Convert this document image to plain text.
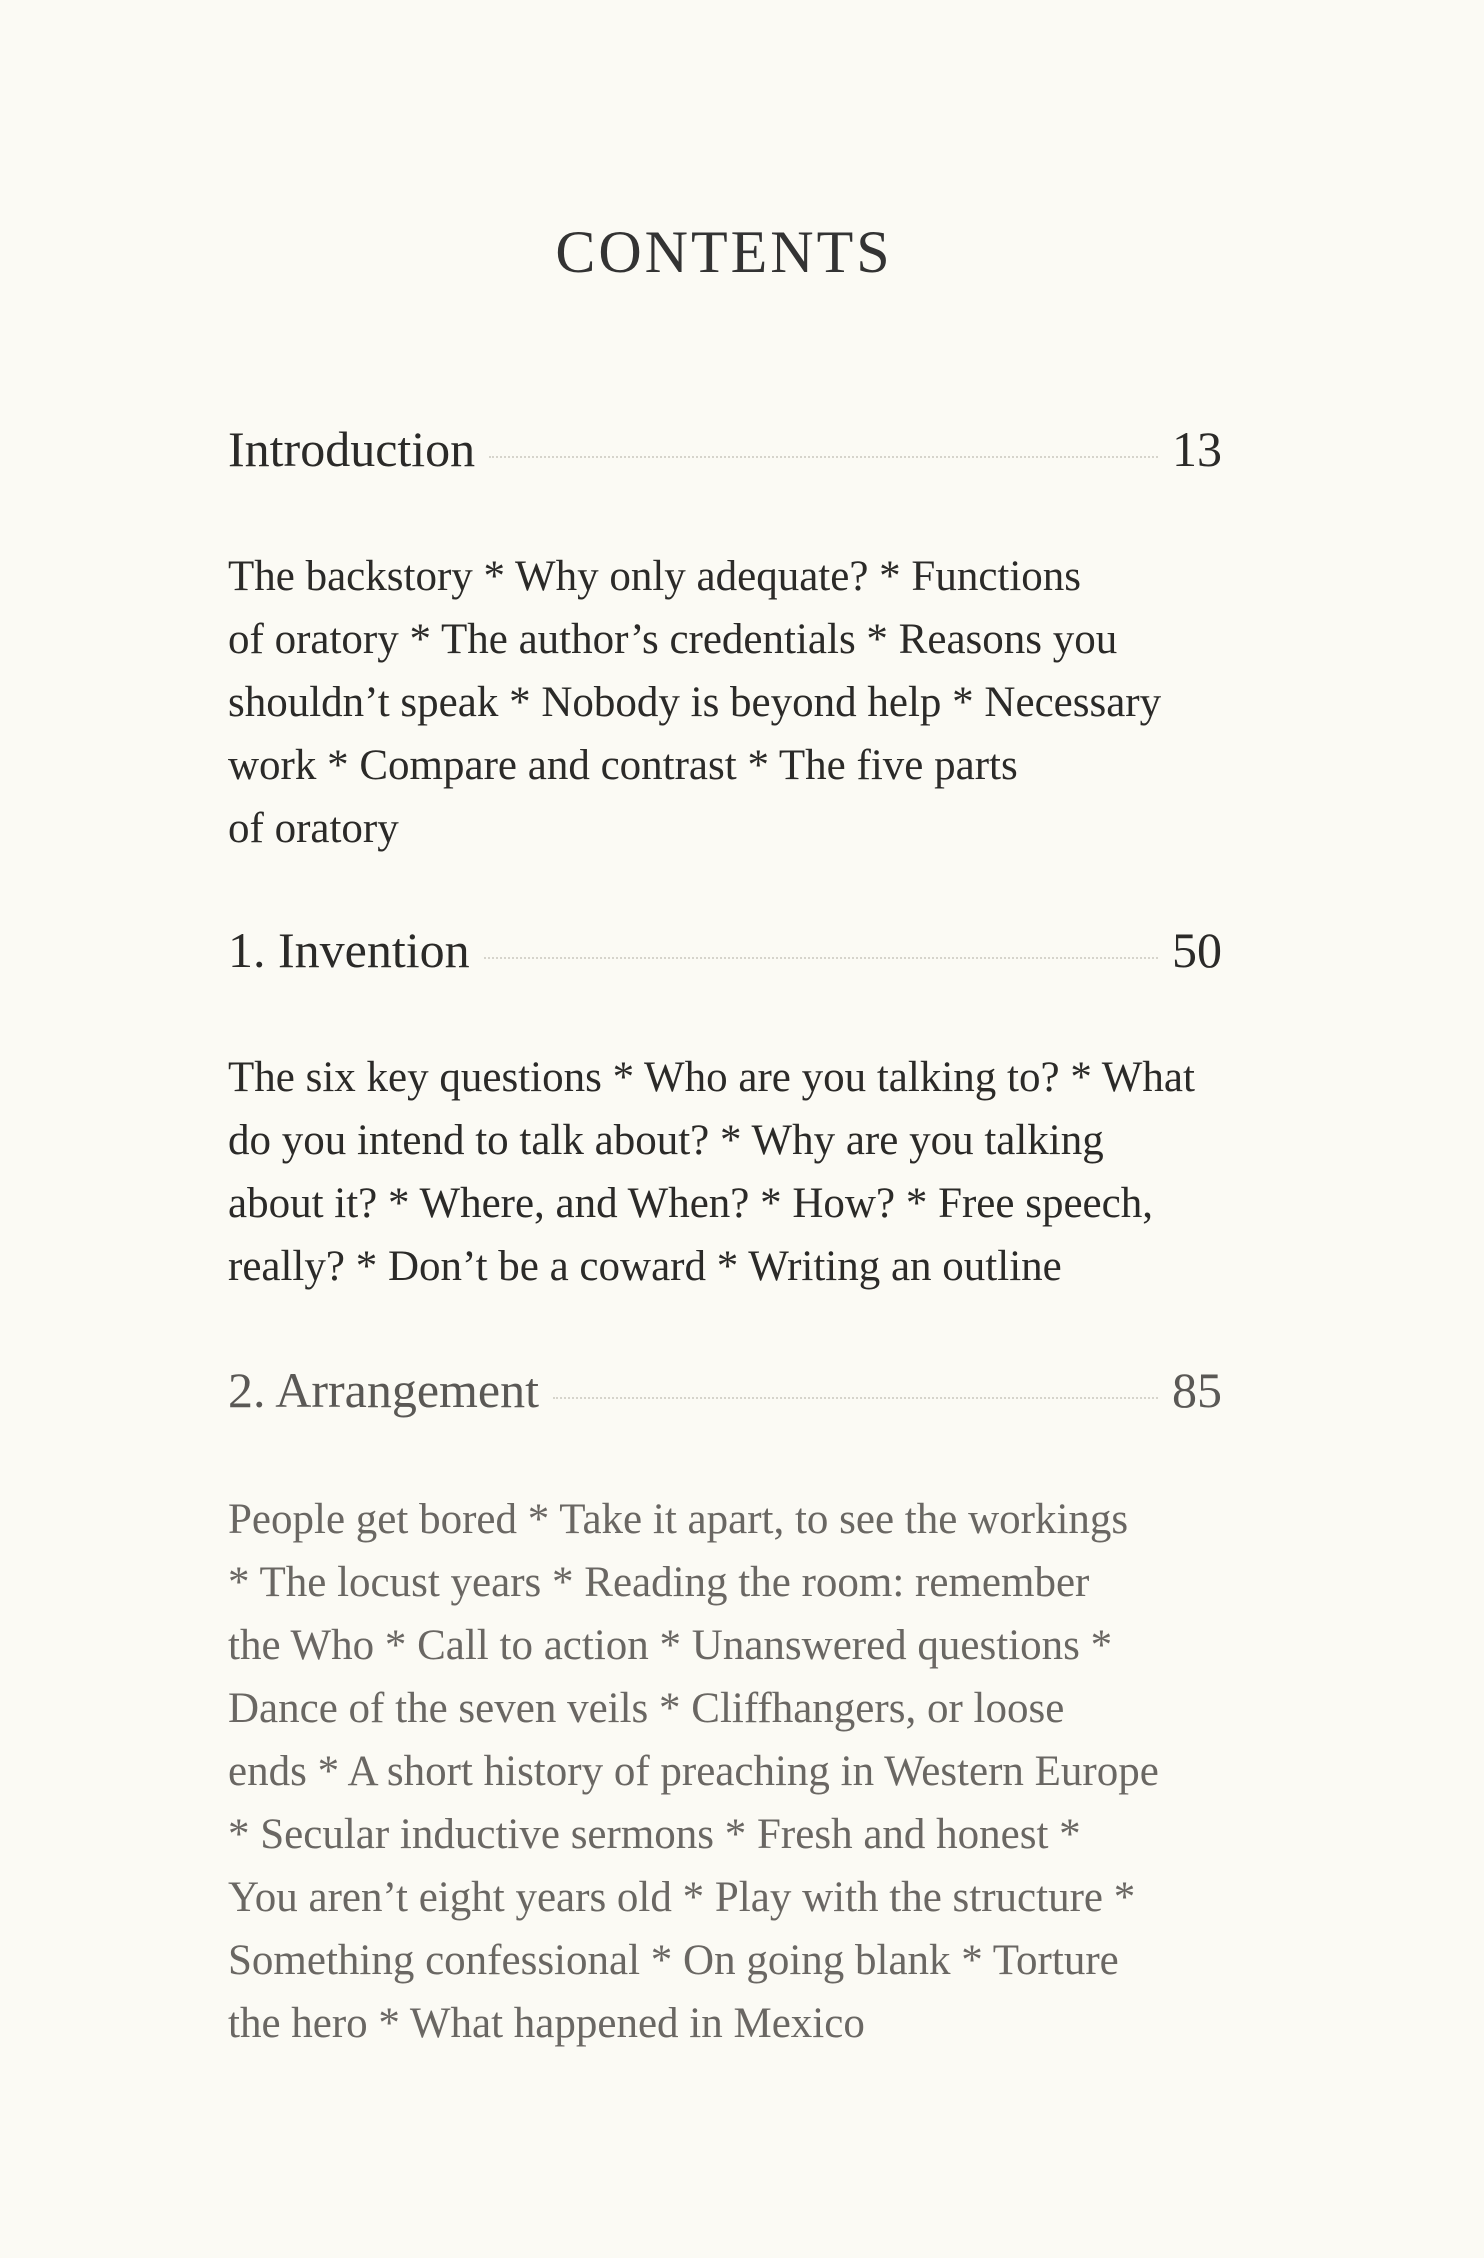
CONTENTS
Introduction	13
The backstory * Why only adequate? * Functions
of oratory * The author’s credentials * Reasons you
shouldn’t speak * Nobody is beyond help * Necessary
work * Compare and contrast * The five parts
of oratory
1. Invention	50
The six key questions * Who are you talking to? * What
do you intend to talk about? * Why are you talking
about it? * Where, and When? * How? * Free speech,
really? * Don’t be a coward * Writing an outline
2. Arrangement	85
People get bored * Take it apart, to see the workings
* The locust years * Reading the room: remember
the Who * Call to action * Unanswered questions *
Dance of the seven veils * Cliffhangers, or loose
ends * A short history of preaching in Western Europe
* Secular inductive sermons * Fresh and honest *
You aren’t eight years old * Play with the structure *
Something confessional * On going blank * Torture
the hero * What happened in Mexico
